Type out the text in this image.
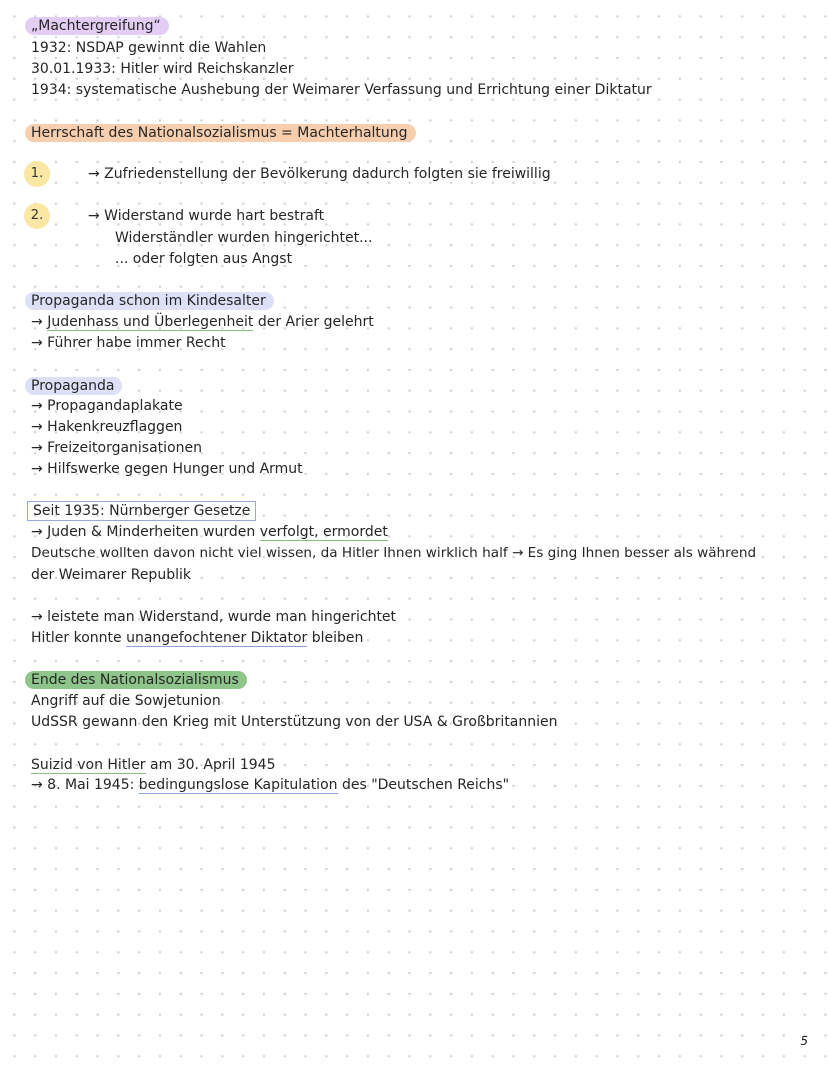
„Machtergreifung“
1932: NSDAP gewinnt die Wahlen
30.01.1933: Hitler wird Reichskanzler
1934: systematische Aushebung der Weimarer Verfassung und Errichtung einer Diktatur
Herrschaft des Nationalsozialismus = Machterhaltung
1.	→ Zufriedenstellung der Bevölkerung dadurch folgten sie freiwillig
2.	→ Widerstand wurde hart bestraft
Widerständler wurden hingerichtet...
... oder folgten aus Angst
Propaganda schon im Kindesalter
→ Judenhass und Überlegenheit der Arier gelehrt
→ Führer habe immer Recht
Propaganda
→ Propagandaplakate
→ Hakenkreuzflaggen
→ Freizeitorganisationen
→ Hilfswerke gegen Hunger und Armut
Seit 1935: Nürnberger Gesetze
→ Juden & Minderheiten wurden verfolgt, ermordet
Deutsche wollten davon nicht viel wissen, da Hitler Ihnen wirklich half → Es ging Ihnen besser als während
der Weimarer Republik
→ leistete man Widerstand, wurde man hingerichtet
Hitler konnte unangefochtener Diktator bleiben
Ende des Nationalsozialismus
Angriff auf die Sowjetunion
UdSSR gewann den Krieg mit Unterstützung von der USA & Großbritannien
Suizid von Hitler am 30. April 1945
→ 8. Mai 1945: bedingungslose Kapitulation des "Deutschen Reichs"
5
